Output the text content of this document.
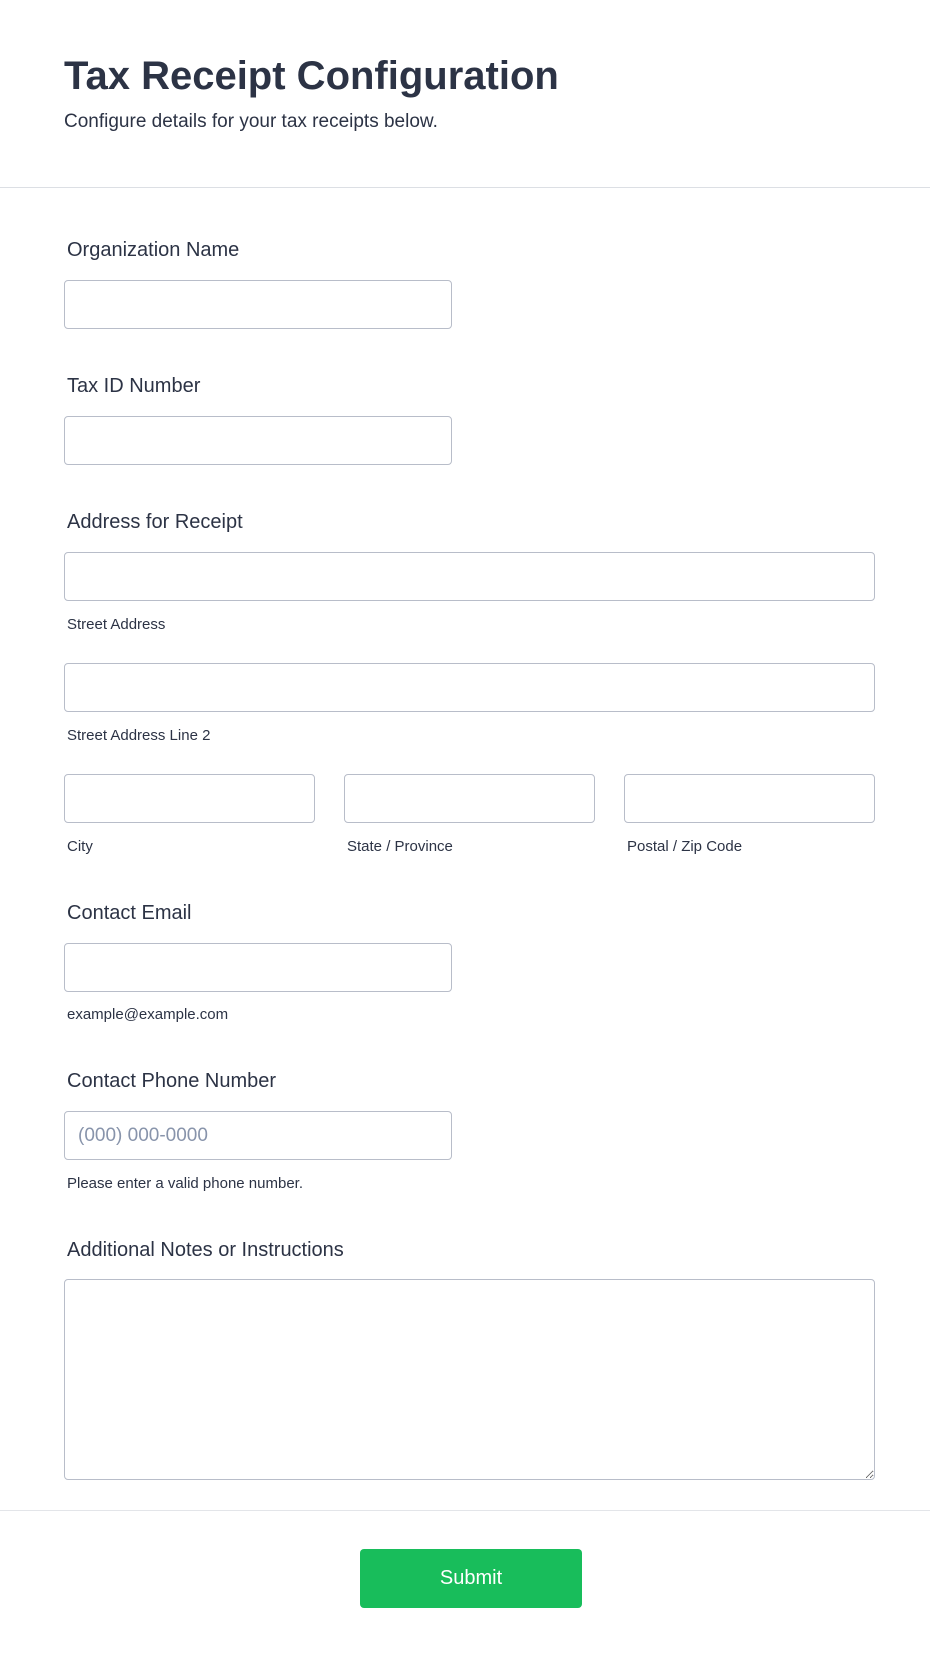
Tax Receipt Configuration

Configure details for your tax receipts below.

Organization Name
Tax ID Number
Address for Receipt
Street Address
Street Address Line 2
City	State / Province	Postal / Zip Code
Contact Email
example@example.com
Contact Phone Number
(000) 000-0000
Please enter a valid phone number.
Additional Notes or Instructions
Submit
